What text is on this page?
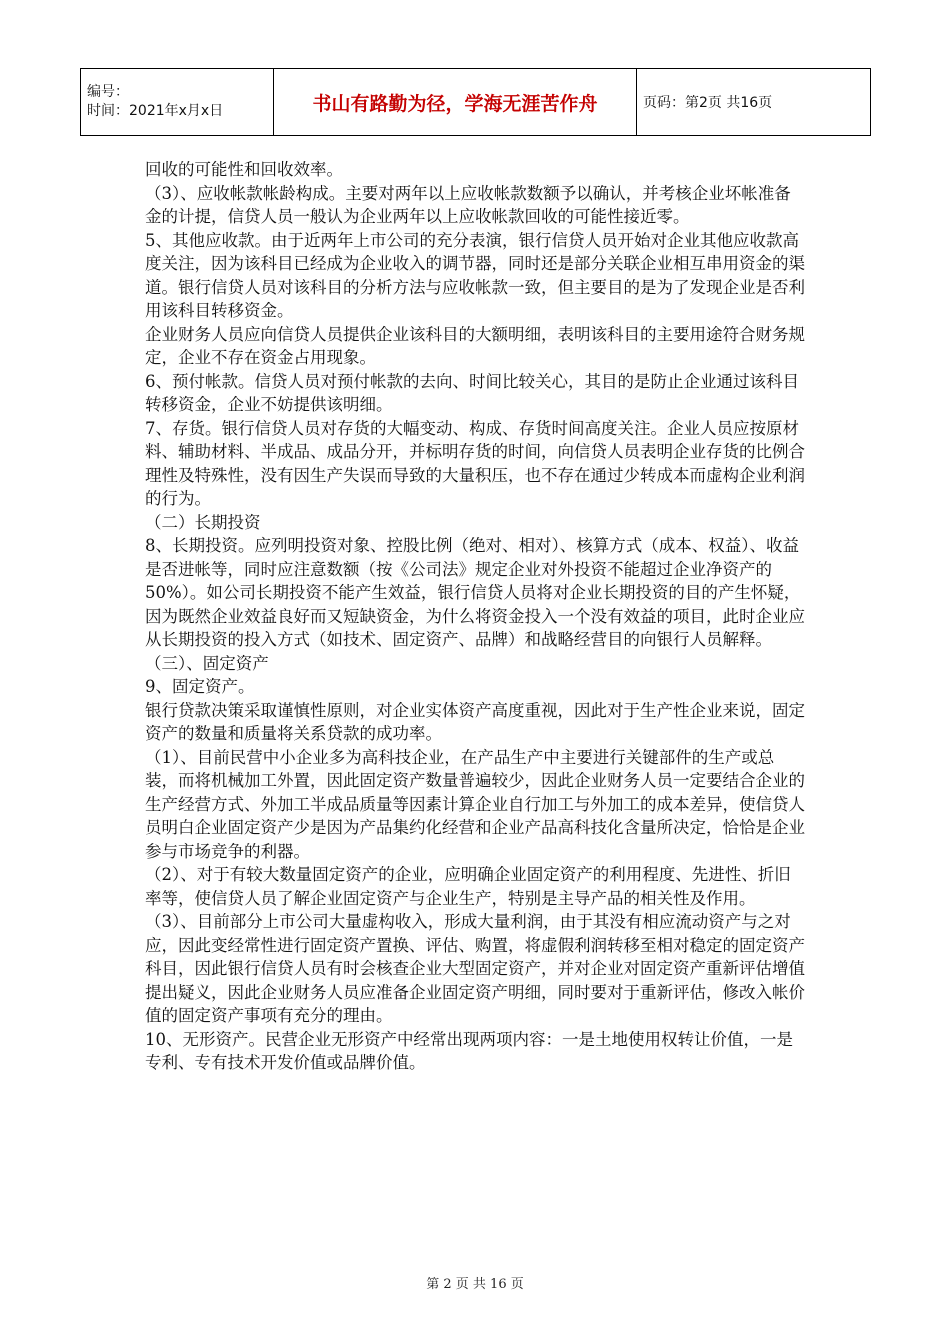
编号：
时间：2021年x月x日	书山有路勤为径，学海无涯苦作舟	页码：第2页 共16页

回收的可能性和回收效率。

（3）、应收帐款帐龄构成。主要对两年以上应收帐款数额予以确认，并考核企业坏帐准备金的计提，信贷人员一般认为企业两年以上应收帐款回收的可能性接近零。

5、其他应收款。由于近两年上市公司的充分表演，银行信贷人员开始对企业其他应收款高度关注，因为该科目已经成为企业收入的调节器，同时还是部分关联企业相互串用资金的渠道。银行信贷人员对该科目的分析方法与应收帐款一致，但主要目的是为了发现企业是否利用该科目转移资金。

企业财务人员应向信贷人员提供企业该科目的大额明细，表明该科目的主要用途符合财务规定，企业不存在资金占用现象。

6、预付帐款。信贷人员对预付帐款的去向、时间比较关心，其目的是防止企业通过该科目转移资金，企业不妨提供该明细。

7、存货。银行信贷人员对存货的大幅变动、构成、存货时间高度关注。企业人员应按原材料、辅助材料、半成品、成品分开，并标明存货的时间，向信贷人员表明企业存货的比例合理性及特殊性，没有因生产失误而导致的大量积压，也不存在通过少转成本而虚构企业利润的行为。

（二）长期投资

8、长期投资。应列明投资对象、控股比例（绝对、相对）、核算方式（成本、权益）、收益是否进帐等，同时应注意数额（按《公司法》规定企业对外投资不能超过企业净资产的50%）。如公司长期投资不能产生效益，银行信贷人员将对企业长期投资的目的产生怀疑，因为既然企业效益良好而又短缺资金，为什么将资金投入一个没有效益的项目，此时企业应从长期投资的投入方式（如技术、固定资产、品牌）和战略经营目的向银行人员解释。

（三）、固定资产

9、固定资产。

银行贷款决策采取谨慎性原则，对企业实体资产高度重视，因此对于生产性企业来说，固定资产的数量和质量将关系贷款的成功率。

（1）、目前民营中小企业多为高科技企业，在产品生产中主要进行关键部件的生产或总装，而将机械加工外置，因此固定资产数量普遍较少，因此企业财务人员一定要结合企业的生产经营方式、外加工半成品质量等因素计算企业自行加工与外加工的成本差异，使信贷人员明白企业固定资产少是因为产品集约化经营和企业产品高科技化含量所决定，恰恰是企业参与市场竞争的利器。

（2）、对于有较大数量固定资产的企业，应明确企业固定资产的利用程度、先进性、折旧率等，使信贷人员了解企业固定资产与企业生产，特别是主导产品的相关性及作用。

（3）、目前部分上市公司大量虚构收入，形成大量利润，由于其没有相应流动资产与之对应，因此变经常性进行固定资产置换、评估、购置，将虚假利润转移至相对稳定的固定资产科目，因此银行信贷人员有时会核查企业大型固定资产，并对企业对固定资产重新评估增值提出疑义，因此企业财务人员应准备企业固定资产明细，同时要对于重新评估，修改入帐价值的固定资产事项有充分的理由。

10、无形资产。民营企业无形资产中经常出现两项内容：一是土地使用权转让价值，一是专利、专有技术开发价值或品牌价值。

第 2 页 共 16 页
